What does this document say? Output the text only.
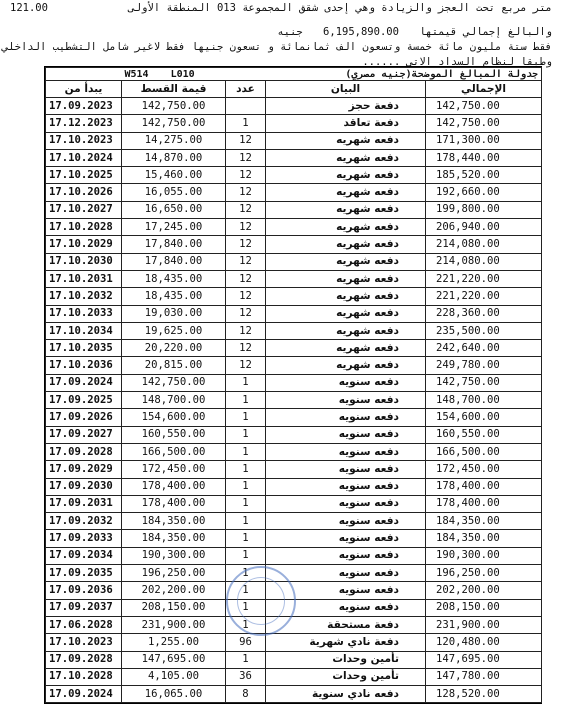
متر مربع تحت العجز والزيادة وهي إحدى شقق المجموعة 013 المنطقة الأولى
121.00
والبالغ إجمالي قيمتها 6,195,890.00 جنيه
فقط ستة مليون مائة خمسة وتسعون الف ثمانمائة و تسعون جنيها فقط لاغير شامل التشطيب الداخلي
وطبقا لنظام السداد الاتي ......
	W514 L010	جدولة المبالغ الموضحة(جنيه مصري)		
يبدأ من	قيمة القسط	عدد	البيان	الإجمالي
17.09.2023	142,750.00		دفعة حجز	142,750.00
17.12.2023	142,750.00	1	دفعة تعاقد	142,750.00
17.10.2023	14,275.00	12	دفعه شهريه	171,300.00
17.10.2024	14,870.00	12	دفعه شهريه	178,440.00
17.10.2025	15,460.00	12	دفعه شهريه	185,520.00
17.10.2026	16,055.00	12	دفعه شهريه	192,660.00
17.10.2027	16,650.00	12	دفعه شهريه	199,800.00
17.10.2028	17,245.00	12	دفعه شهريه	206,940.00
17.10.2029	17,840.00	12	دفعه شهريه	214,080.00
17.10.2030	17,840.00	12	دفعه شهريه	214,080.00
17.10.2031	18,435.00	12	دفعه شهريه	221,220.00
17.10.2032	18,435.00	12	دفعه شهريه	221,220.00
17.10.2033	19,030.00	12	دفعه شهريه	228,360.00
17.10.2034	19,625.00	12	دفعه شهريه	235,500.00
17.10.2035	20,220.00	12	دفعه شهريه	242,640.00
17.10.2036	20,815.00	12	دفعه شهريه	249,780.00
17.09.2024	142,750.00	1	دفعه سنويه	142,750.00
17.09.2025	148,700.00	1	دفعه سنويه	148,700.00
17.09.2026	154,600.00	1	دفعه سنويه	154,600.00
17.09.2027	160,550.00	1	دفعه سنويه	160,550.00
17.09.2028	166,500.00	1	دفعه سنويه	166,500.00
17.09.2029	172,450.00	1	دفعه سنويه	172,450.00
17.09.2030	178,400.00	1	دفعه سنويه	178,400.00
17.09.2031	178,400.00	1	دفعه سنويه	178,400.00
17.09.2032	184,350.00	1	دفعه سنويه	184,350.00
17.09.2033	184,350.00	1	دفعه سنويه	184,350.00
17.09.2034	190,300.00	1	دفعه سنويه	190,300.00
17.09.2035	196,250.00	1	دفعه سنويه	196,250.00
17.09.2036	202,200.00	1	دفعه سنويه	202,200.00
17.09.2037	208,150.00	1	دفعه سنويه	208,150.00
17.06.2028	231,900.00	1	دفعة مستحقة	231,900.00
17.10.2023	1,255.00	96	دفعة نادي شهرية	120,480.00
17.09.2028	147,695.00	1	تأمين وحدات	147,695.00
17.10.2028	4,105.00	36	تأمين وحدات	147,780.00
17.09.2024	16,065.00	8	دفعه نادي سنوية	128,520.00
